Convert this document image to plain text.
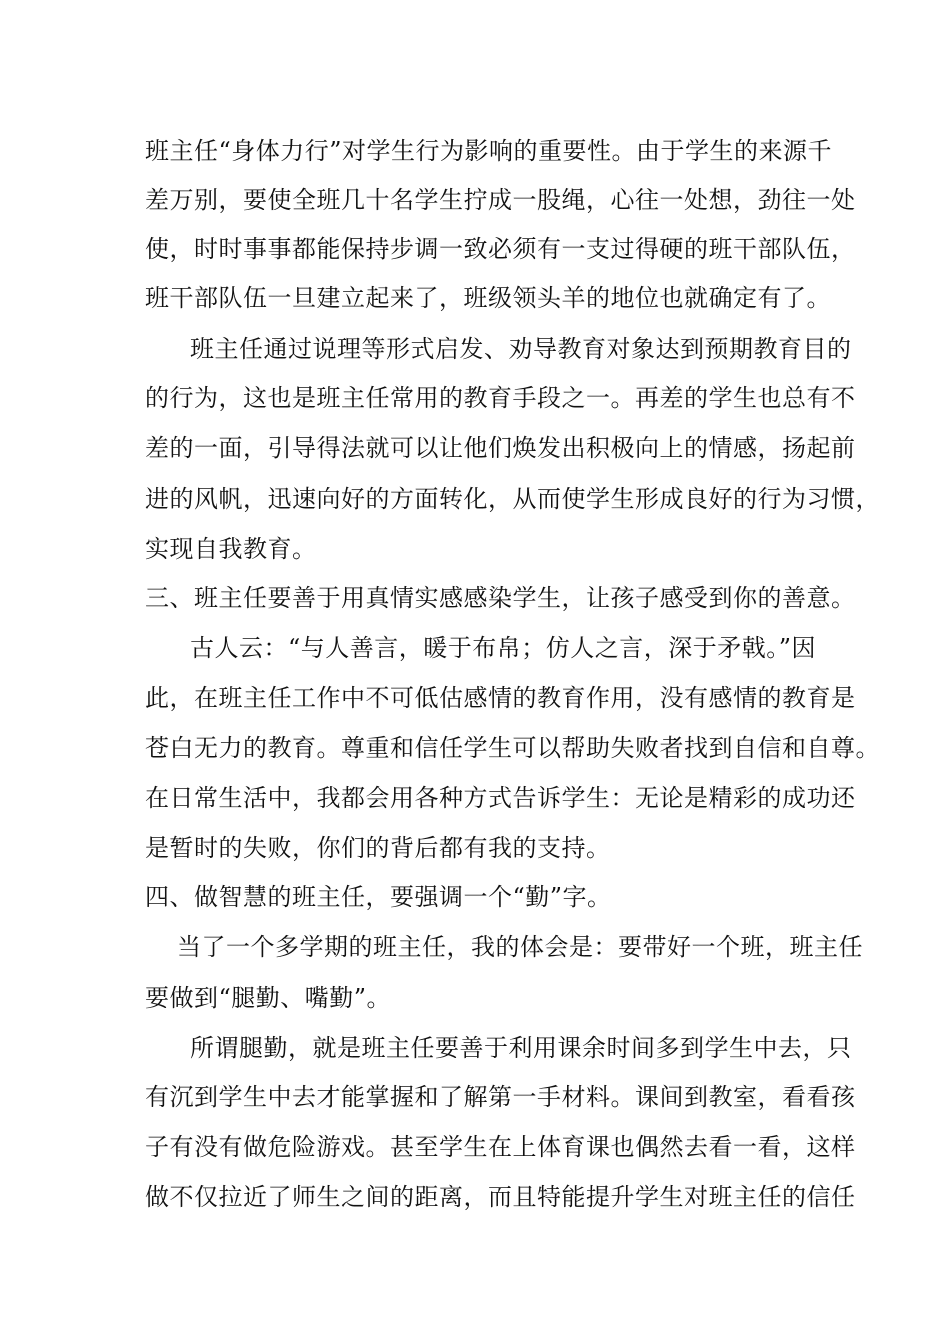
班主任“身体力行”对学生行为影响的重要性。由于学生的来源千
差万别，要使全班几十名学生拧成一股绳，心往一处想，劲往一处
使，时时事事都能保持步调一致必须有一支过得硬的班干部队伍，
班干部队伍一旦建立起来了，班级领头羊的地位也就确定有了。
班主任通过说理等形式启发、劝导教育对象达到预期教育目的
的行为，这也是班主任常用的教育手段之一。再差的学生也总有不
差的一面，引导得法就可以让他们焕发出积极向上的情感，扬起前
进的风帆，迅速向好的方面转化，从而使学生形成良好的行为习惯，
实现自我教育。
三、班主任要善于用真情实感感染学生，让孩子感受到你的善意。
古人云：“与人善言，暖于布帛；仿人之言，深于矛戟。”因
此，在班主任工作中不可低估感情的教育作用，没有感情的教育是
苍白无力的教育。尊重和信任学生可以帮助失败者找到自信和自尊。
在日常生活中，我都会用各种方式告诉学生：无论是精彩的成功还
是暂时的失败，你们的背后都有我的支持。
四、做智慧的班主任，要强调一个“勤”字。
当了一个多学期的班主任，我的体会是：要带好一个班，班主任
要做到“腿勤、嘴勤”。
所谓腿勤，就是班主任要善于利用课余时间多到学生中去，只
有沉到学生中去才能掌握和了解第一手材料。课间到教室，看看孩
子有没有做危险游戏。甚至学生在上体育课也偶然去看一看，这样
做不仅拉近了师生之间的距离，而且特能提升学生对班主任的信任
